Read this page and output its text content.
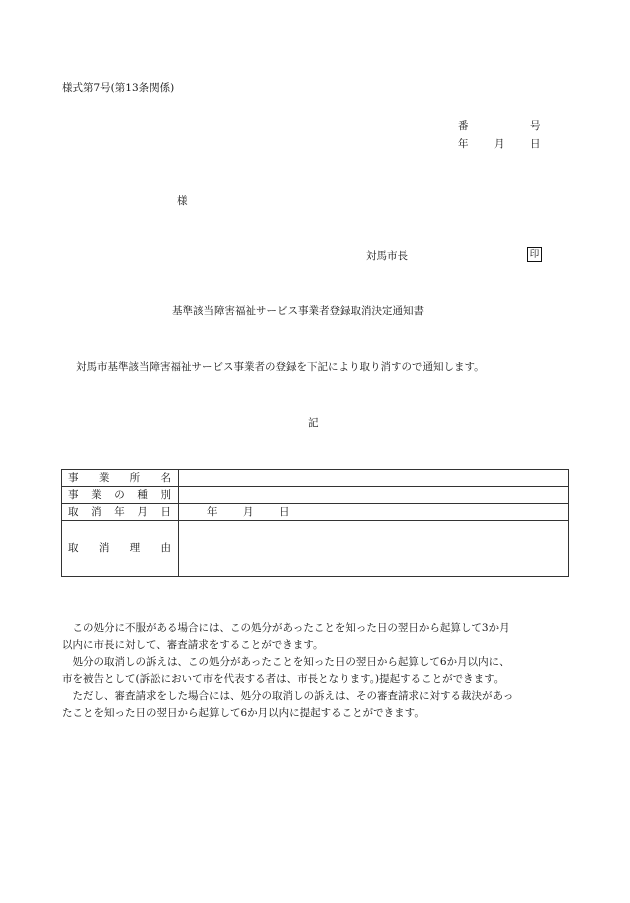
様式第7号(第13条関係)
番	号
年 月 日
様
対馬市長	印
基準該当障害福祉サービス事業者登録取消決定通知書
対馬市基準該当障害福祉サービス事業者の登録を下記により取り消すので通知します。
記
事 業 所 名	

事 業 の 種 別	

取 消 年 月 日	年 月 日

取 消 理 由	

　この処分に不服がある場合には、この処分があったことを知った日の翌日から起算して3か月

以内に市長に対して、審査請求をすることができます。

　処分の取消しの訴えは、この処分があったことを知った日の翌日から起算して6か月以内に、

市を被告として(訴訟において市を代表する者は、市長となります。)提起することができます。

　ただし、審査請求をした場合には、処分の取消しの訴えは、その審査請求に対する裁決があっ

たことを知った日の翌日から起算して6か月以内に提起することができます。
